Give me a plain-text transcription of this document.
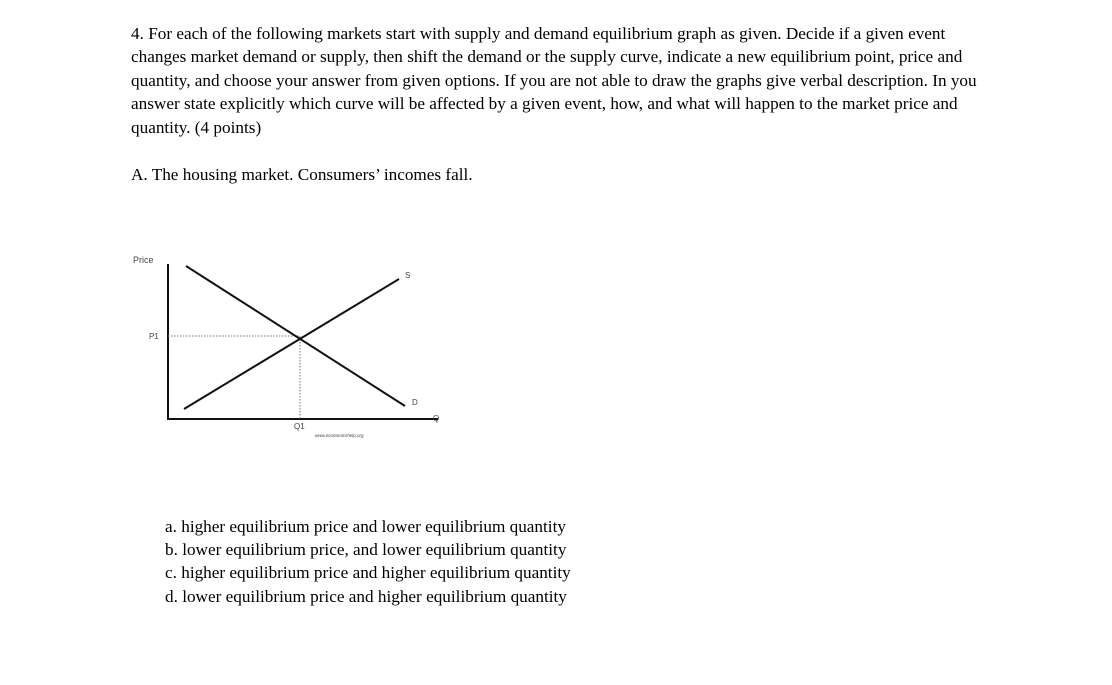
4. For each of the following markets start with supply and demand equilibrium graph as given. Decide if a given event changes market demand or supply, then shift the demand or the supply curve, indicate a new equilibrium point, price and quantity, and choose your answer from given options. If you are not able to draw the graphs give verbal description. In you answer state explicitly which curve will be affected by a given event, how, and what will happen to the market price and quantity. (4 points)

A. The housing market. Consumers’ incomes fall.

Price
P1
S
D
Q
Q1
www.economicshelp.org
a. higher equilibrium price and lower equilibrium quantity
b. lower equilibrium price, and lower equilibrium quantity
c. higher equilibrium price and higher equilibrium quantity
d. lower equilibrium price and higher equilibrium quantity
